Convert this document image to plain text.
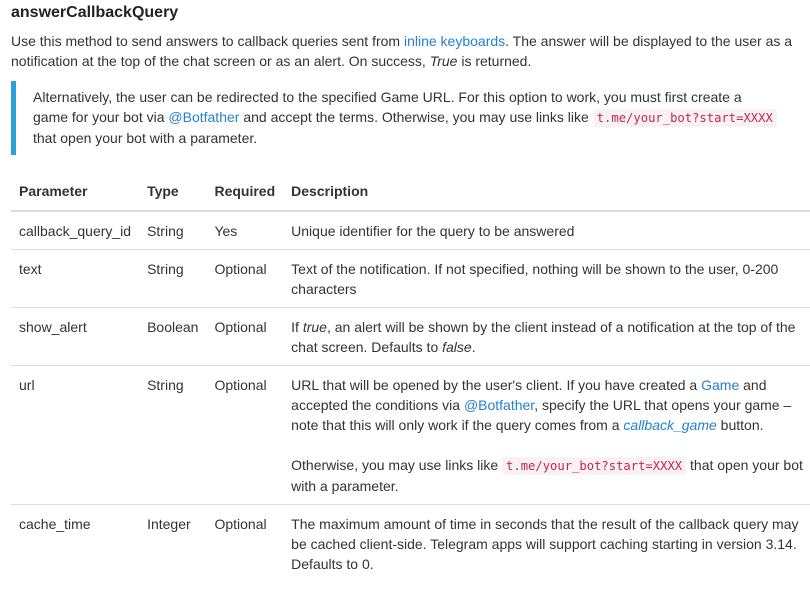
answerCallbackQuery

Use this method to send answers to callback queries sent from inline keyboards. The answer will be displayed to the user as a notification at the top of the chat screen or as an alert. On success, True is returned.

Alternatively, the user can be redirected to the specified Game URL. For this option to work, you must first create a game for your bot via @Botfather and accept the terms. Otherwise, you may use links like t.me/your_bot?start=XXXX that open your bot with a parameter.
Parameter	Type	Required	Description
callback_query_id	String	Yes	Unique identifier for the query to be answered
text	String	Optional	Text of the notification. If not specified, nothing will be shown to the user, 0-200 characters
show_alert	Boolean	Optional	If true, an alert will be shown by the client instead of a notification at the top of the chat screen. Defaults to false.
url	String	Optional	URL that will be opened by the user's client. If you have created a Game and accepted the conditions via @Botfather, specify the URL that opens your game – note that this will only work if the query comes from a callback_game button.
Otherwise, you may use links like t.me/your_bot?start=XXXX that open your bot with a parameter.
cache_time	Integer	Optional	The maximum amount of time in seconds that the result of the callback query may be cached client-side. Telegram apps will support caching starting in version 3.14. Defaults to 0.
